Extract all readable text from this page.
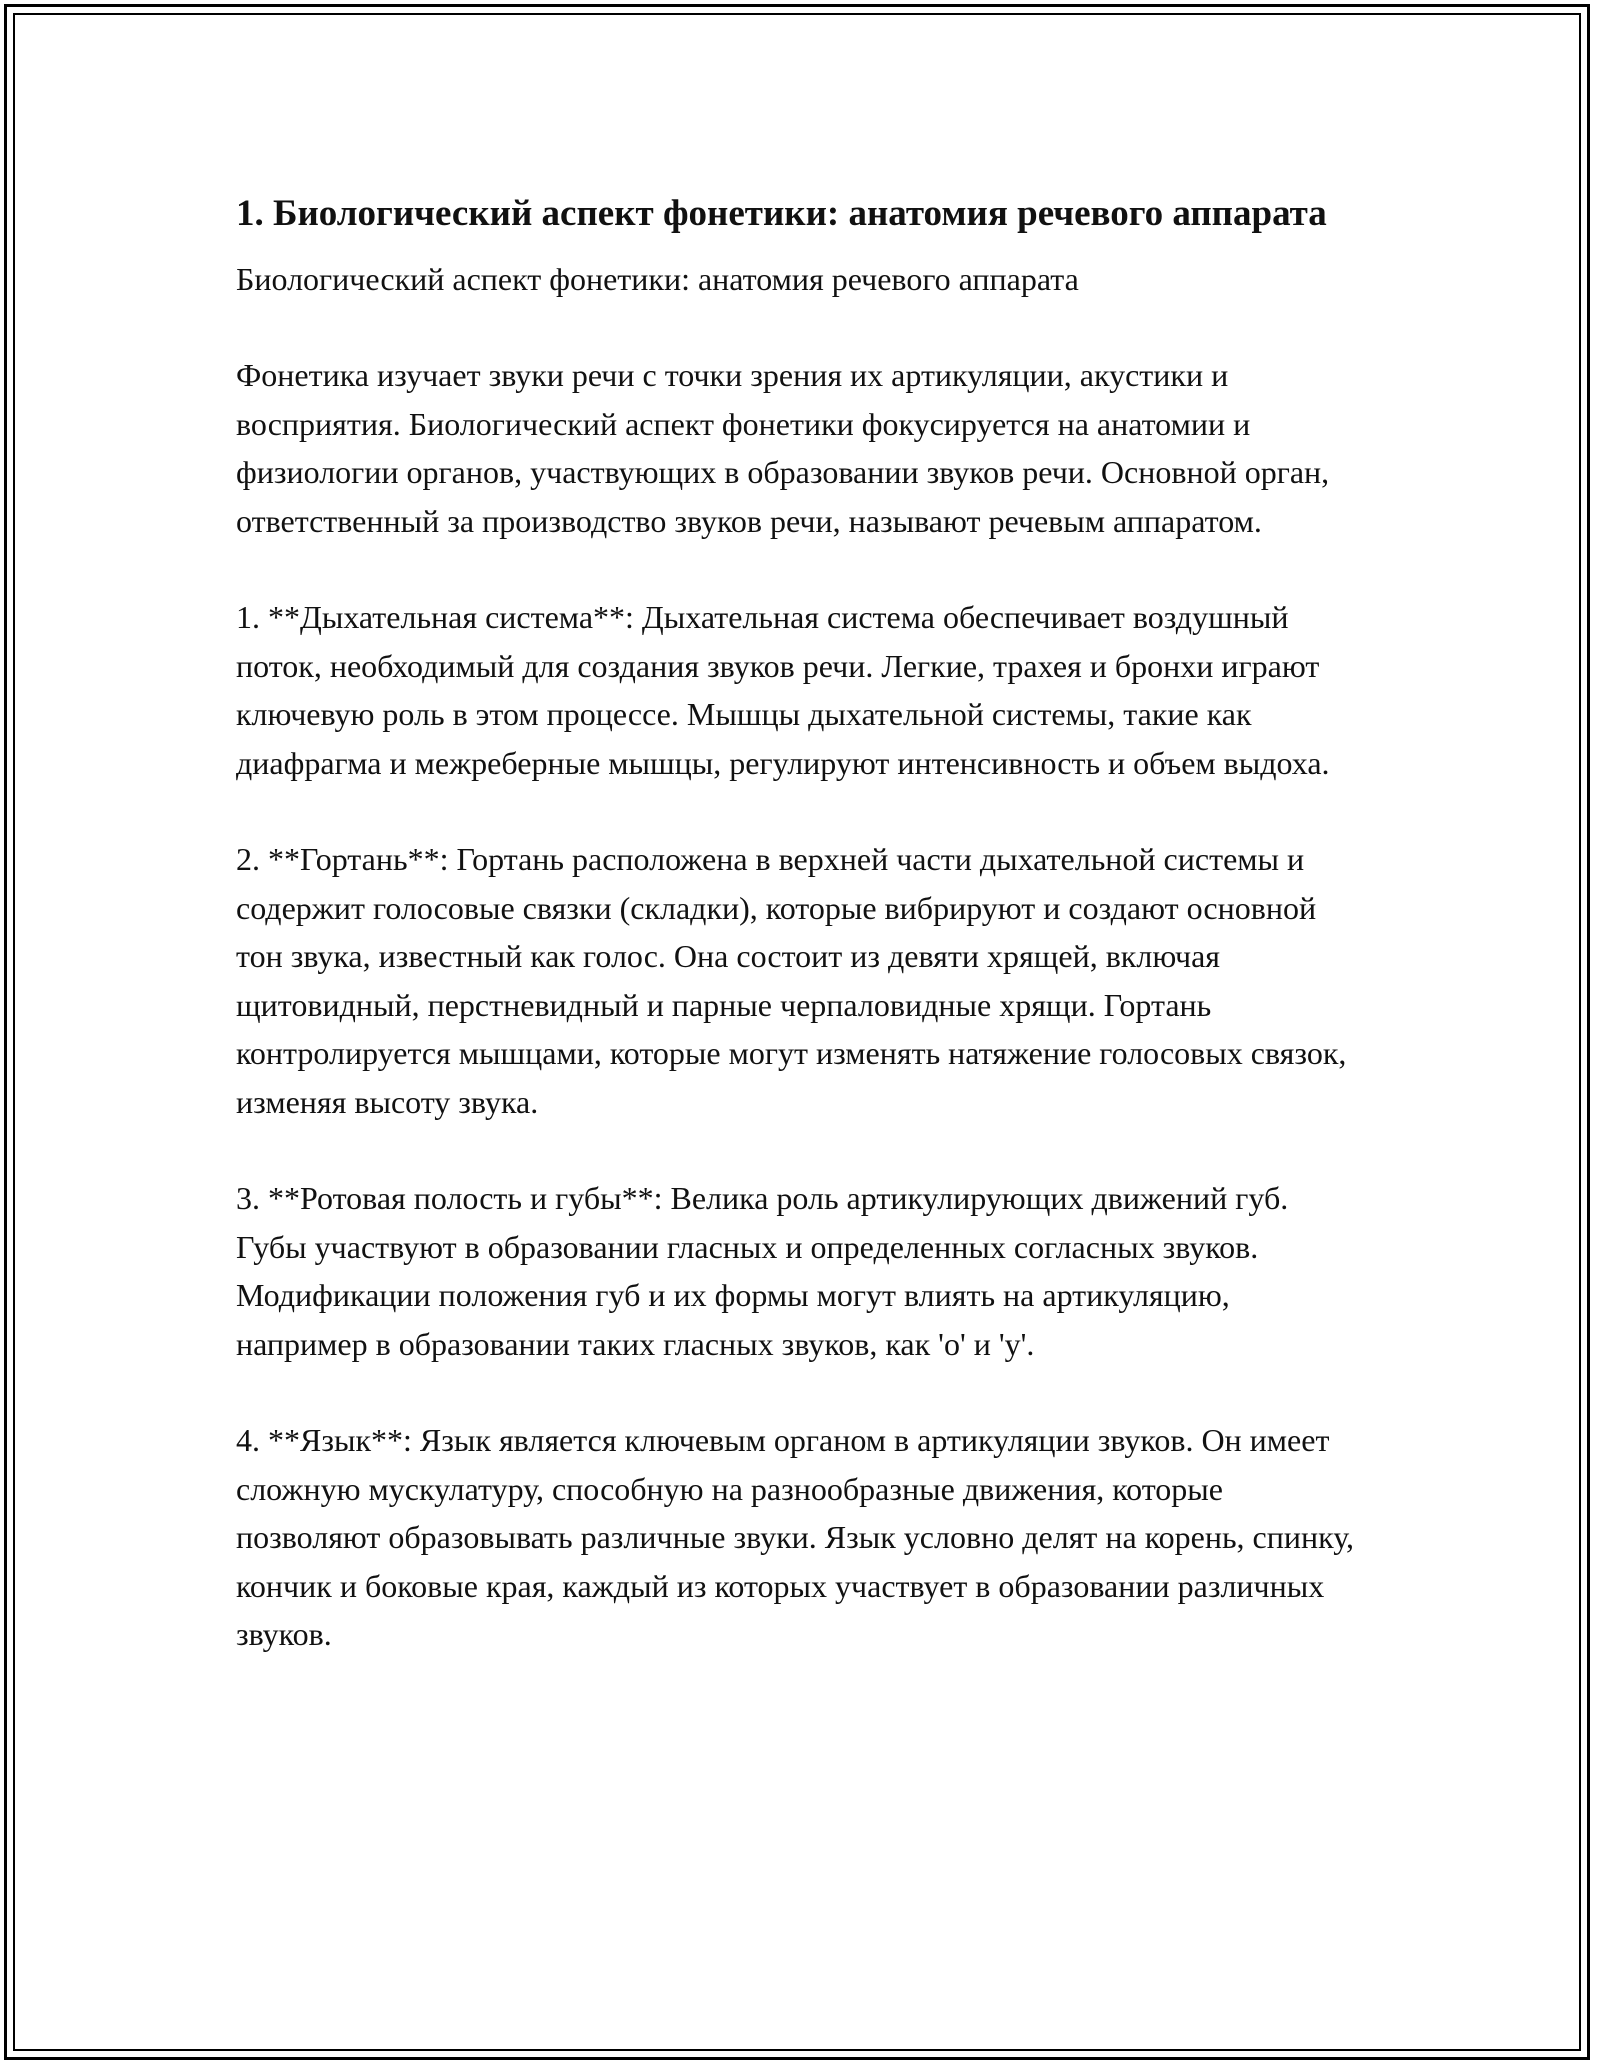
1. Биологический аспект фонетики: анатомия речевого аппарата

Биологический аспект фонетики: анатомия речевого аппарата

Фонетика изучает звуки речи с точки зрения их артикуляции, акустики и восприятия. Биологический аспект фонетики фокусируется на анатомии и физиологии органов, участвующих в образовании звуков речи. Основной орган, ответственный за производство звуков речи, называют речевым аппаратом.

1. **Дыхательная система**: Дыхательная система обеспечивает воздушный поток, необходимый для создания звуков речи. Легкие, трахея и бронхи играют ключевую роль в этом процессе. Мышцы дыхательной системы, такие как диафрагма и межреберные мышцы, регулируют интенсивность и объем выдоха.

2. **Гортань**: Гортань расположена в верхней части дыхательной системы и содержит голосовые связки (складки), которые вибрируют и создают основной тон звука, известный как голос. Она состоит из девяти хрящей, включая щитовидный, перстневидный и парные черпаловидные хрящи. Гортань контролируется мышцами, которые могут изменять натяжение голосовых связок, изменяя высоту звука.

3. **Ротовая полость и губы**: Велика роль артикулирующих движений губ. Губы участвуют в образовании гласных и определенных согласных звуков. Модификации положения губ и их формы могут влиять на артикуляцию, например в образовании таких гласных звуков, как 'о' и 'у'.

4. **Язык**: Язык является ключевым органом в артикуляции звуков. Он имеет сложную мускулатуру, способную на разнообразные движения, которые позволяют образовывать различные звуки. Язык условно делят на корень, спинку, кончик и боковые края, каждый из которых участвует в образовании различных звуков.
